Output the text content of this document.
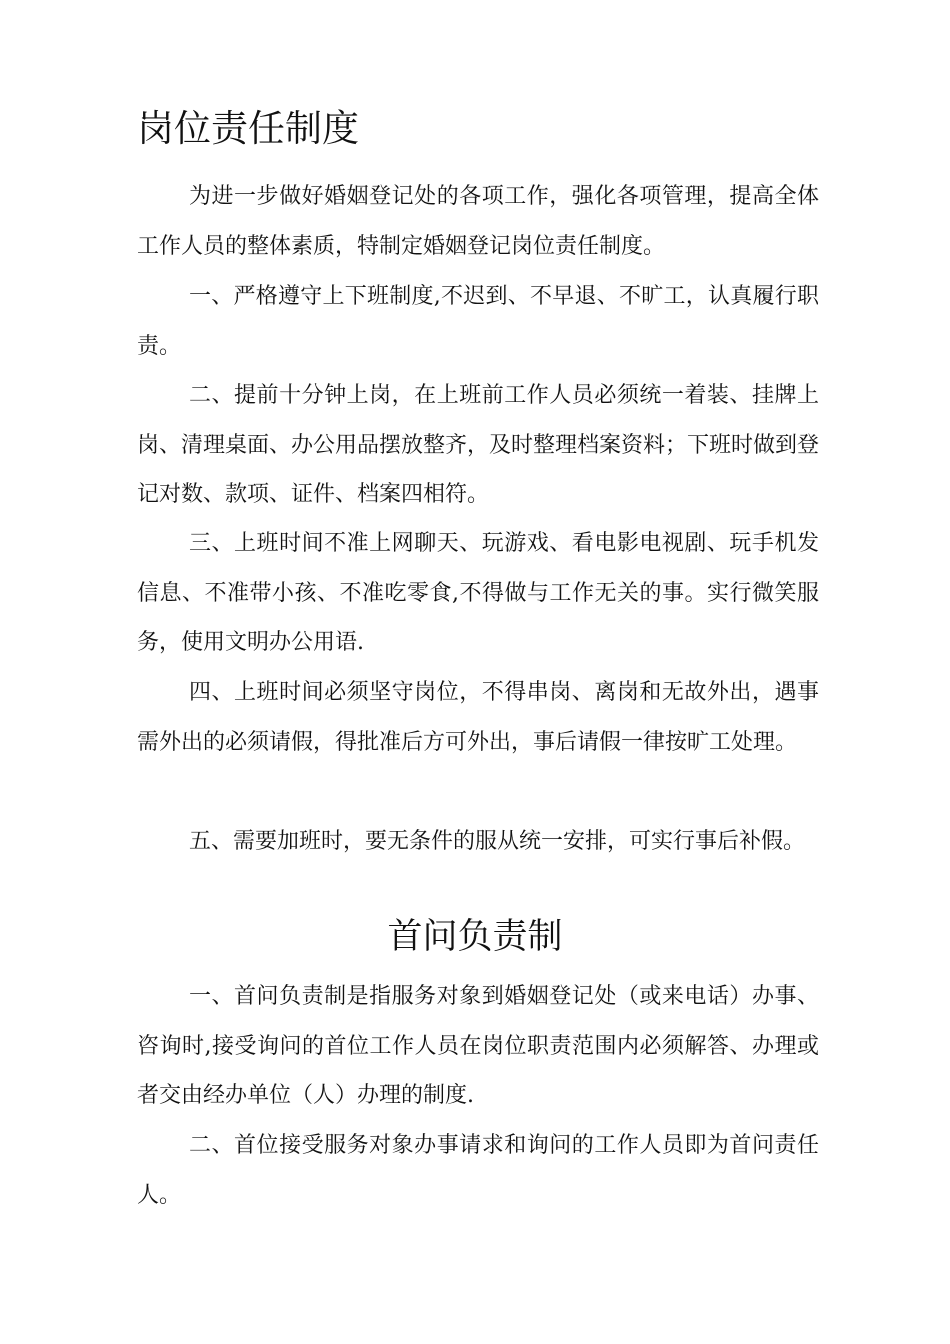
岗位责任制度

为进一步做好婚姻登记处的各项工作，强化各项管理，提高全体工作人员的整体素质，特制定婚姻登记岗位责任制度。

一、严格遵守上下班制度,不迟到、不早退、不旷工，认真履行职责。

二、提前十分钟上岗，在上班前工作人员必须统一着装、挂牌上岗、清理桌面、办公用品摆放整齐，及时整理档案资料；下班时做到登记对数、款项、证件、档案四相符。

三、上班时间不准上网聊天、玩游戏、看电影电视剧、玩手机发信息、不准带小孩、不准吃零食,不得做与工作无关的事。实行微笑服务，使用文明办公用语.

四、上班时间必须坚守岗位，不得串岗、离岗和无故外出，遇事需外出的必须请假，得批准后方可外出，事后请假一律按旷工处理。

五、需要加班时，要无条件的服从统一安排，可实行事后补假。

首问负责制

一、首问负责制是指服务对象到婚姻登记处（或来电话）办事、咨询时,接受询问的首位工作人员在岗位职责范围内必须解答、办理或者交由经办单位（人）办理的制度.

二、首位接受服务对象办事请求和询问的工作人员即为首问责任人。
